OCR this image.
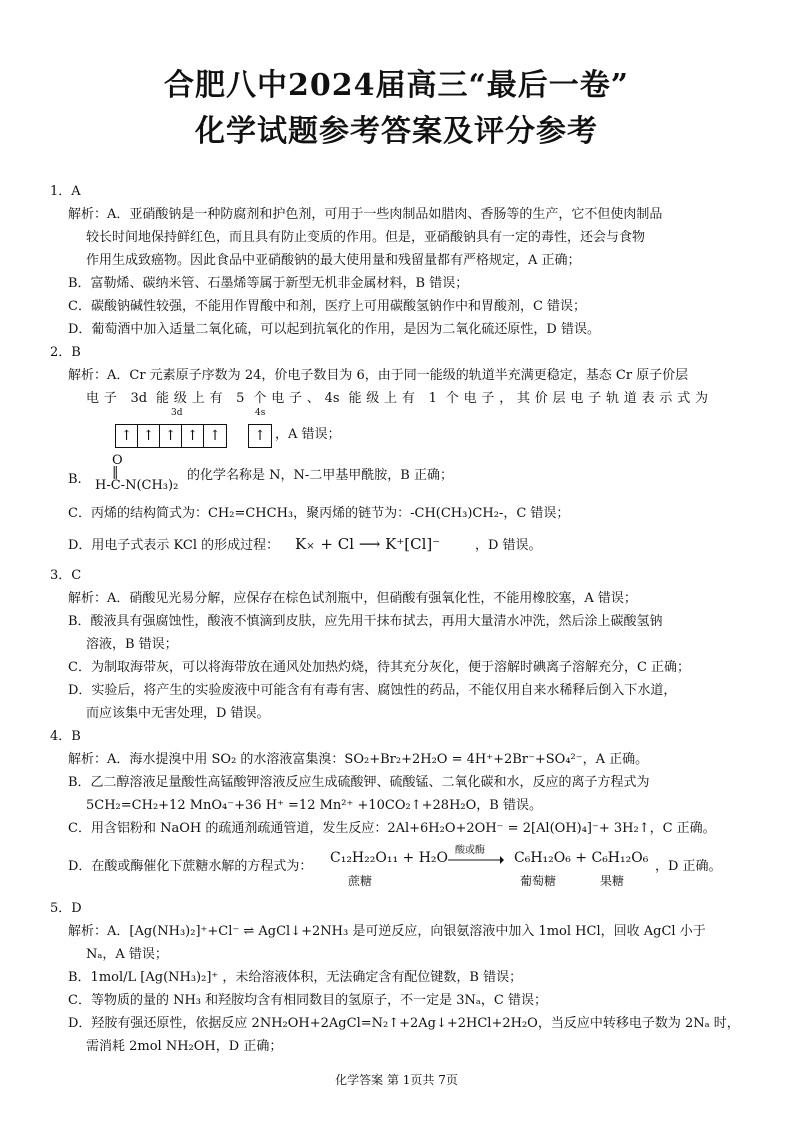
合肥八中2024届高三“最后一卷”
化学试题参考答案及评分参考
1．A
解析：A．亚硝酸钠是一种防腐剂和护色剂，可用于一些肉制品如腊肉、香肠等的生产，它不但使肉制品
较长时间地保持鲜红色，而且具有防止变质的作用。但是，亚硝酸钠具有一定的毒性，还会与食物
作用生成致癌物。因此食品中亚硝酸钠的最大使用量和残留量都有严格规定，A 正确；
B．富勒烯、碳纳米管、石墨烯等属于新型无机非金属材料，B 错误；
C．碳酸钠碱性较强，不能用作胃酸中和剂，医疗上可用碳酸氢钠作中和胃酸剂，C 错误；
D．葡萄酒中加入适量二氧化硫，可以起到抗氧化的作用，是因为二氧化硫还原性，D 错误。
2．B
解析：A．Cr 元素原子序数为 24，价电子数目为 6，由于同一能级的轨道半充满更稳定，基态 Cr 原子价层
电子 3d 能级上有 5 个电子、4s 能级上有 1 个电子，其价层电子轨道表示式为
3d	4s
↑ ↑ ↑ ↑ ↑	↑ ，A 错误；
B.
O
‖
H-C-N(CH₃)₂
的化学名称是 N，N-二甲基甲酰胺，B 正确；
C．丙烯的结构简式为：CH₂=CHCH₃，聚丙烯的链节为：-CH(CH₃)CH₂-，C 错误；
D．用电子式表示 KCl 的形成过程： K× + Cl ⟶ K⁺[Cl]⁻	，D 错误。
3．C
解析：A．硝酸见光易分解，应保存在棕色试剂瓶中，但硝酸有强氧化性，不能用橡胶塞，A 错误；
B．酸液具有强腐蚀性，酸液不慎滴到皮肤，应先用干抹布拭去，再用大量清水冲洗，然后涂上碳酸氢钠
溶液，B 错误；
C．为制取海带灰，可以将海带放在通风处加热灼烧，待其充分灰化，便于溶解时碘离子溶解充分，C 正确；
D．实验后，将产生的实验废液中可能含有有毒有害、腐蚀性的药品，不能仅用自来水稀释后倒入下水道，
而应该集中无害处理，D 错误。
4．B
解析：A．海水提溴中用 SO₂ 的水溶液富集溴：SO₂+Br₂+2H₂O = 4H⁺+2Br⁻+SO₄²⁻，A 正确。
B．乙二醇溶液足量酸性高锰酸钾溶液反应生成硫酸钾、硫酸锰、二氧化碳和水，反应的离子方程式为
5CH₂=CH₂+12 MnO₄⁻+36 H⁺ =12 Mn²⁺ +10CO₂↑+28H₂O，B 错误。
C．用含铝粉和 NaOH 的疏通剂疏通管道，发生反应：2Al+6H₂O+2OH⁻ = 2[Al(OH)₄]⁻+ 3H₂↑，C 正确。
D．在酸或酶催化下蔗糖水解的方程式为：
C₁₂H₂₂O₁₁ + H₂O 酸或酶 → C₆H₁₂O₆ + C₆H₁₂O₆
蔗糖	葡萄糖	果糖
，D 正确。
5．D
解析：A．[Ag(NH₃)₂]⁺+Cl⁻ ⇌ AgCl↓+2NH₃ 是可逆反应，向银氨溶液中加入 1mol HCl，回收 AgCl 小于
Nₐ，A 错误；
B．1mol/L [Ag(NH₃)₂]⁺ ，未给溶液体积，无法确定含有配位键数，B 错误；
C．等物质的量的 NH₃ 和羟胺均含有相同数目的氢原子，不一定是 3Nₐ，C 错误；
D．羟胺有强还原性，依据反应 2NH₂OH+2AgCl=N₂↑+2Ag↓+2HCl+2H₂O，当反应中转移电子数为 2Nₐ 时，
需消耗 2mol NH₂OH，D 正确；
化学答案 第 1页共 7页
